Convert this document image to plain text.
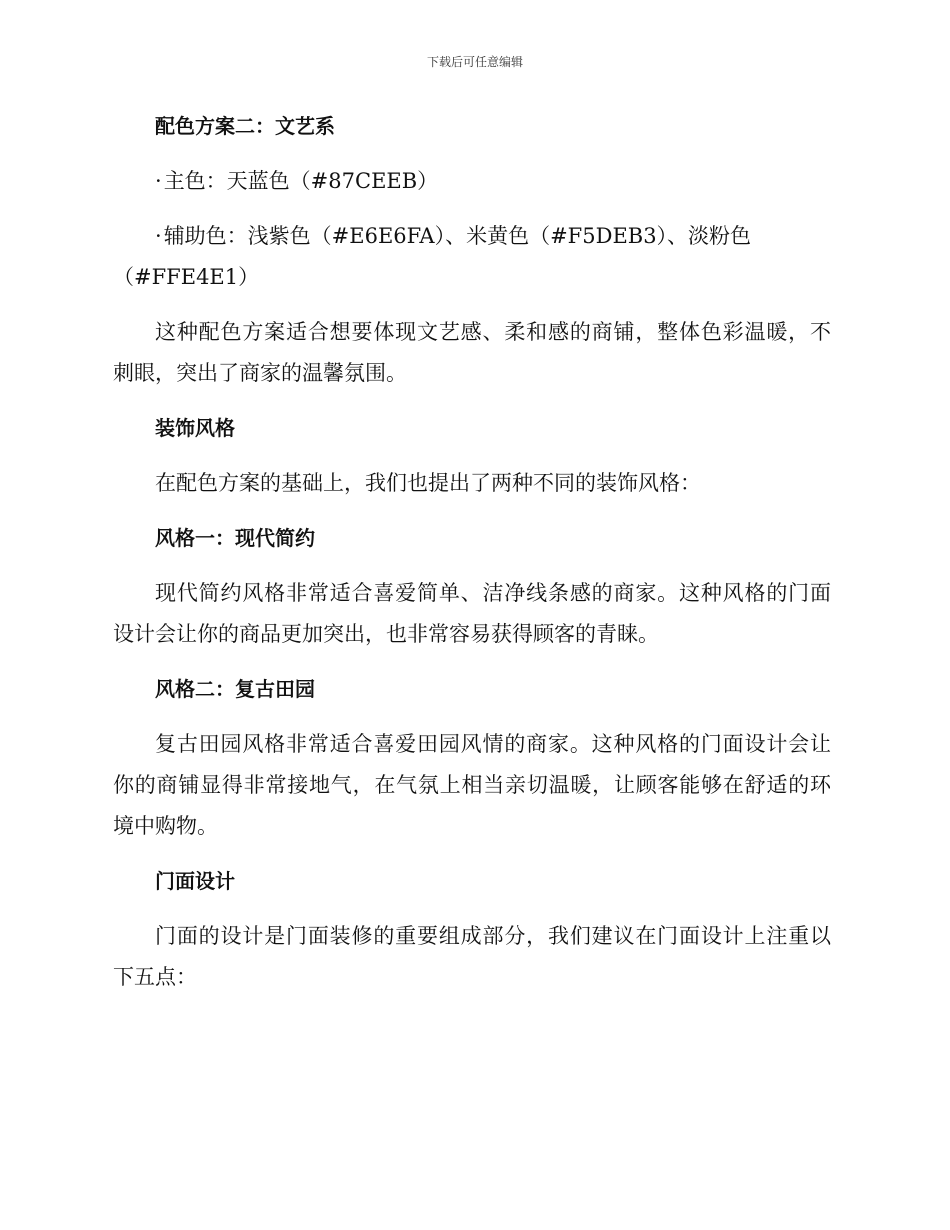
下载后可任意编辑
配色方案二：文艺系
·主色：天蓝色（#87CEEB）
·辅助色：浅紫色（#E6E6FA）、米黄色（#F5DEB3）、淡粉色
（#FFE4E1）
这种配色方案适合想要体现文艺感、柔和感的商铺，整体色彩温暖，不
刺眼，突出了商家的温馨氛围。
装饰风格
在配色方案的基础上，我们也提出了两种不同的装饰风格：
风格一：现代简约
现代简约风格非常适合喜爱简单、洁净线条感的商家。这种风格的门面
设计会让你的商品更加突出，也非常容易获得顾客的青睐。
风格二：复古田园
复古田园风格非常适合喜爱田园风情的商家。这种风格的门面设计会让
你的商铺显得非常接地气，在气氛上相当亲切温暖，让顾客能够在舒适的环
境中购物。
门面设计
门面的设计是门面装修的重要组成部分，我们建议在门面设计上注重以
下五点：
